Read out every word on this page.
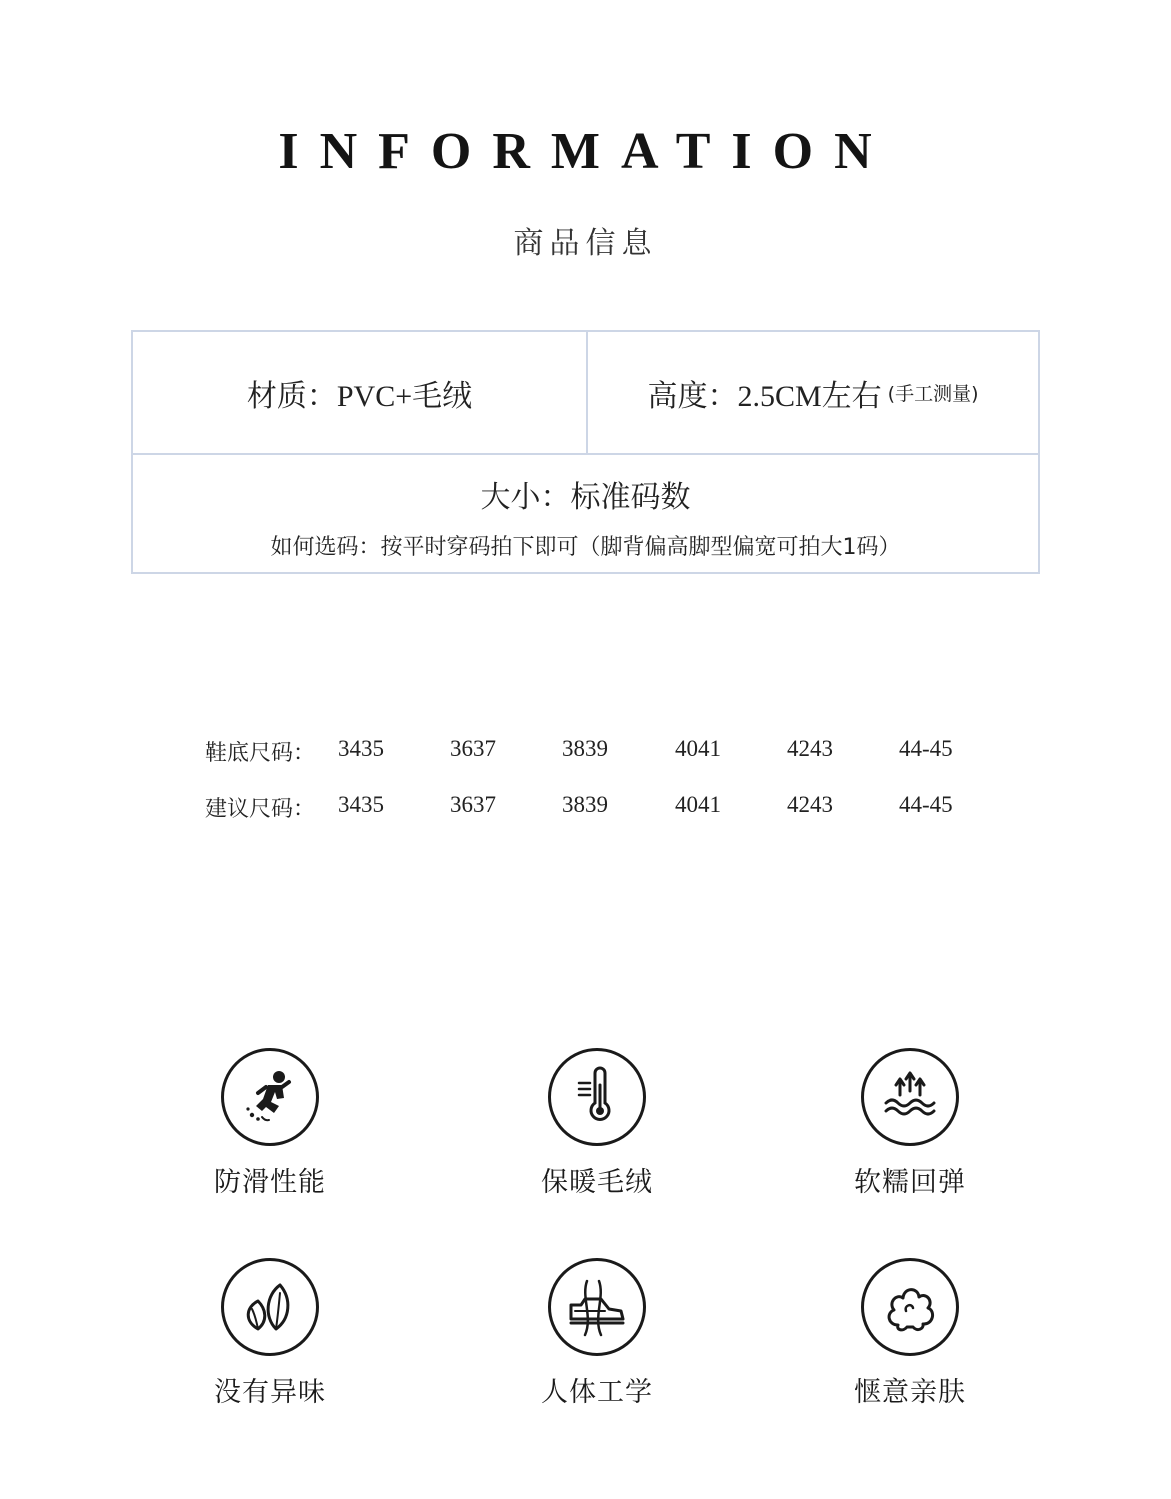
INFORMATION
商品信息
材质： PVC+毛绒	高度： 2.5CM左右 (手工测量)
大小：标准码数
如何选码：按平时穿码拍下即可（脚背偏高脚型偏宽可拍大1码）
鞋底尺码： 3435	3637	3839	4041	4243	44-45
建议尺码： 3435	3637	3839	4041	4243	44-45
防滑性能	保暖毛绒	软糯回弹
没有异味	人体工学	惬意亲肤
